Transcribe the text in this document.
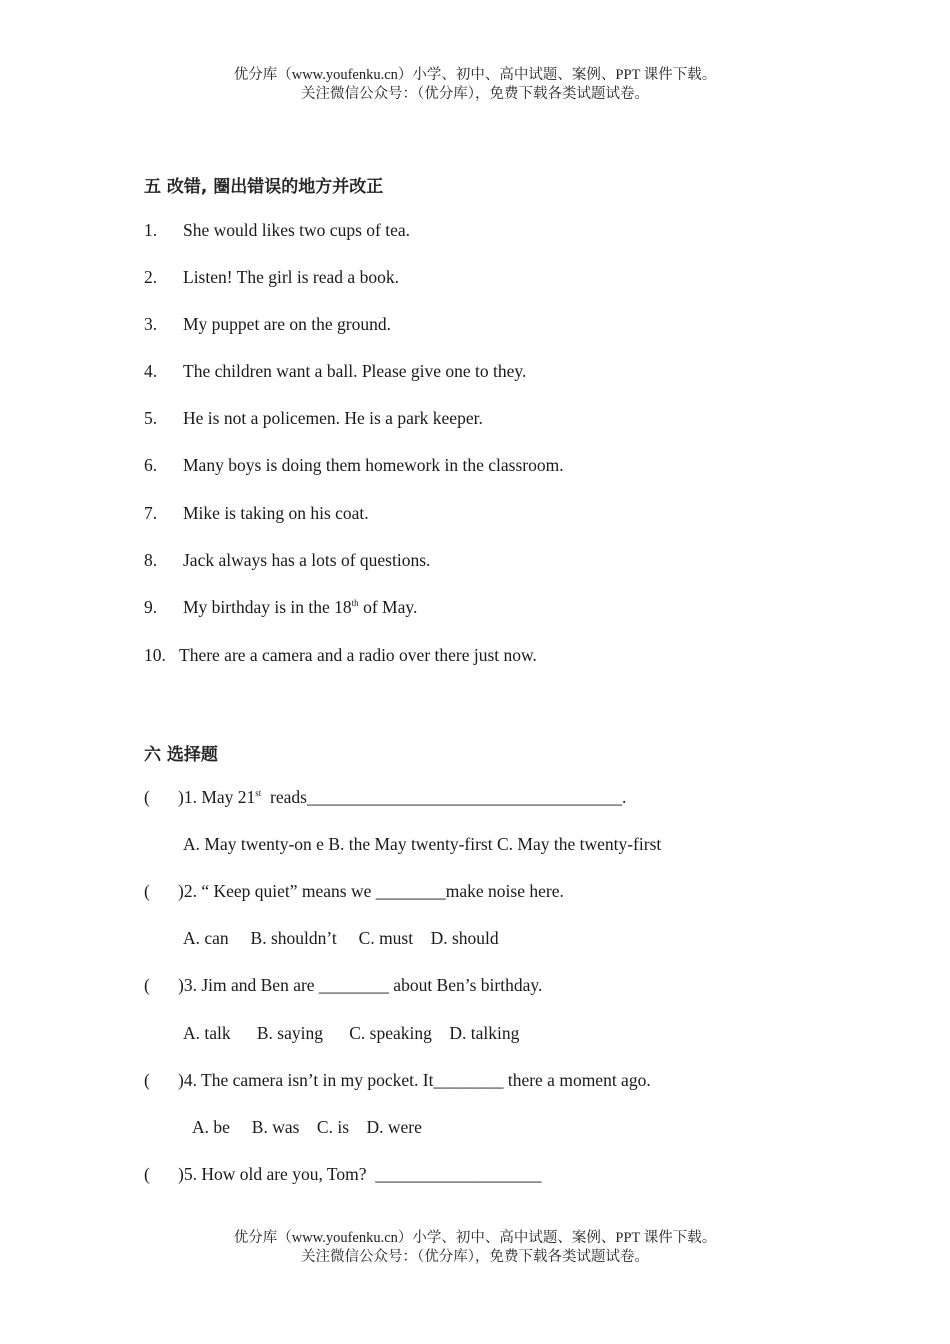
优分库（www.youfenku.cn）小学、初中、高中试题、案例、PPT 课件下载。
关注微信公众号：（优分库），免费下载各类试题试卷。
五 改错, 圈出错误的地方并改正
1. She would likes two cups of tea.
2. Listen! The girl is read a book.
3. My puppet are on the ground.
4. The children want a ball. Please give one to they.
5. He is not a policemen. He is a park keeper.
6. Many boys is doing them homework in the classroom.
7. Mike is taking on his coat.
8. Jack always has a lots of questions.
9. My birthday is in the 18th of May.
10. There are a camera and a radio over there just now.
六 选择题
( )1. May 21st  reads____________________________________.
A. May twenty-on e B. the May twenty-first C. May the twenty-first
( )2. “ Keep quiet” means we ________make noise here.
A. can     B. shouldn’t     C. must    D. should
( )3. Jim and Ben are ________ about Ben’s birthday.
A. talk      B. saying      C. speaking    D. talking
( )4. The camera isn’t in my pocket. It________ there a moment ago.
A. be     B. was    C. is    D. were
( )5. How old are you, Tom?  ___________________
优分库（www.youfenku.cn）小学、初中、高中试题、案例、PPT 课件下载。
关注微信公众号：（优分库），免费下载各类试题试卷。
